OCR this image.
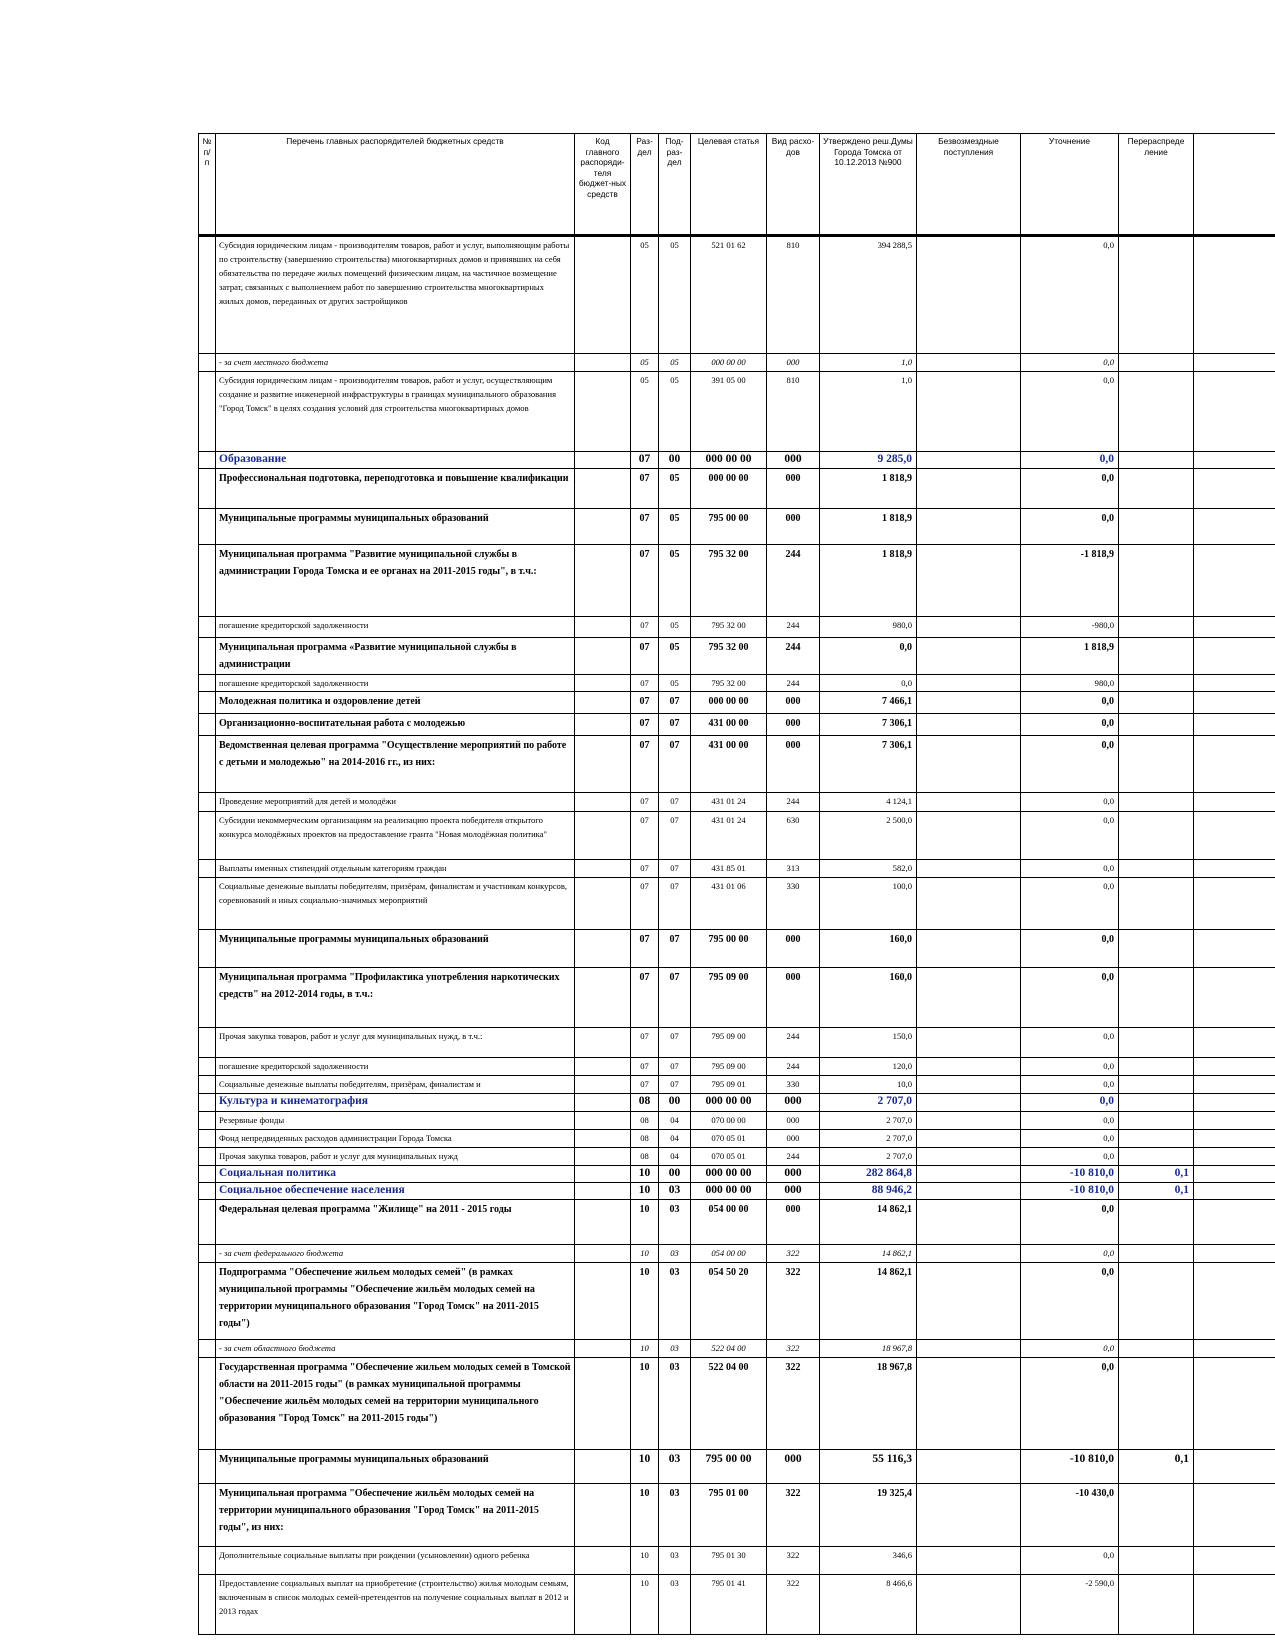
№ п/п	Перечень главных распорядителей бюджетных средств	Код главного распоряди-теля бюджет-ных средств	Раз-дел	Под-раз-дел	Целевая статья	Вид расхо-дов	Утверждено реш.Думы Города Томска от 10.12.2013 №900	Безвозмездные поступления	Уточнение	Перераспреде ление	
	Субсидия юридическим лицам - производителям товаров, работ и услуг, выполняющим работы по строительству (завершению строительства) многоквартирных домов и принявших на себя обязательства по передаче жилых помещений физическим лицам, на частичное возмещение затрат, связанных с выполнением работ по завершению строительства многоквартирных жилых домов, переданных от других застройщиков		05	05	521 01 62	810	394 288,5		0,0		
	- за счет местного бюджета		05	05	000 00 00	000	1,0		0,0		
	Субсидия юридическим лицам - производителям товаров, работ и услуг, осуществляющим создание и развитие инженерной инфраструктуры в границах муниципального образования "Город Томск" в целях создания условий для строительства многоквартирных домов		05	05	391 05 00	810	1,0		0,0		
	Образование		07	00	000 00 00	000	9 285,0		0,0		
	Профессиональная подготовка, переподготовка и повышение квалификации		07	05	000 00 00	000	1 818,9		0,0		
	Муниципальные программы муниципальных образований		07	05	795 00 00	000	1 818,9		0,0		
	Муниципальная программа "Развитие муниципальной службы в администрации Города Томска и ее органах на 2011-2015 годы", в т.ч.:		07	05	795 32 00	244	1 818,9		-1 818,9		
	погашение кредиторской задолженности		07	05	795 32 00	244	980,0		-980,0		
	Муниципальная программа «Развитие муниципальной службы в администрации		07	05	795 32 00	244	0,0		1 818,9		
	погашение кредиторской задолженности		07	05	795 32 00	244	0,0		980,0		
	Молодежная политика и оздоровление детей		07	07	000 00 00	000	7 466,1		0,0		
	Организационно-воспитательная работа с молодежью		07	07	431 00 00	000	7 306,1		0,0		
	Ведомственная целевая программа "Осуществление мероприятий по работе с детьми и молодежью" на 2014-2016 гг., из них:		07	07	431 00 00	000	7 306,1		0,0		
	Проведение мероприятий для детей и молодёжи		07	07	431 01 24	244	4 124,1		0,0		
	Субсидии некоммерческим организациям на реализацию проекта победителя открытого конкурса молодёжных проектов на предоставление гранта "Новая молодёжная политика"		07	07	431 01 24	630	2 500,0		0,0		
	Выплаты именных стипендий отдельным категориям граждан		07	07	431 85 01	313	582,0		0,0		
	Социальные денежные выплаты победителям, призёрам, финалистам и участникам конкурсов, соревнований и иных социально-значимых мероприятий		07	07	431 01 06	330	100,0		0,0		
	Муниципальные программы муниципальных образований		07	07	795 00 00	000	160,0		0,0		
	Муниципальная программа "Профилактика употребления наркотических средств" на 2012-2014 годы, в т.ч.:		07	07	795 09 00	000	160,0		0,0		
	Прочая закупка товаров, работ и услуг для муниципальных нужд, в т.ч.:		07	07	795 09 00	244	150,0		0,0		
	погашение кредиторской задолженности		07	07	795 09 00	244	120,0		0,0		
	Социальные денежные выплаты победителям, призёрам, финалистам и		07	07	795 09 01	330	10,0		0,0		
	Культура и кинематография		08	00	000 00 00	000	2 707,0		0,0		
	Резервные фонды		08	04	070 00 00	000	2 707,0		0,0		
	Фонд непредвиденных расходов администрации Города Томска		08	04	070 05 01	000	2 707,0		0,0		
	Прочая закупка товаров, работ и услуг для муниципальных нужд		08	04	070 05 01	244	2 707,0		0,0		
	Социальная политика		10	00	000 00 00	000	282 864,8		-10 810,0	0,1	
	Социальное обеспечение населения		10	03	000 00 00	000	88 946,2		-10 810,0	0,1	
	Федеральная целевая программа "Жилище" на 2011 - 2015 годы		10	03	054 00 00	000	14 862,1		0,0		
	- за счет федерального бюджета		10	03	054 00 00	322	14 862,1		0,0		
	Подпрограмма "Обеспечение жильем молодых семей" (в рамках муниципальной программы "Обеспечение жильём молодых семей на территории муниципального образования "Город Томск" на 2011-2015 годы")		10	03	054 50 20	322	14 862,1		0,0		
	- за счет областного бюджета		10	03	522 04 00	322	18 967,8		0,0		
	Государственная программа "Обеспечение жильем молодых семей в Томской области на 2011-2015 годы" (в рамках муниципальной программы "Обеспечение жильём молодых семей на территории муниципального образования "Город Томск" на 2011-2015 годы")		10	03	522 04 00	322	18 967,8		0,0		
	Муниципальные программы муниципальных образований		10	03	795 00 00	000	55 116,3		-10 810,0	0,1	
	Муниципальная программа "Обеспечение жильём молодых семей на территории муниципального образования "Город Томск" на 2011-2015 годы", из них:		10	03	795 01 00	322	19 325,4		-10 430,0		
	Дополнительные социальные выплаты при рождении (усыновлении) одного ребенка		10	03	795 01 30	322	346,6		0,0		
	Предоставление социальных выплат на приобретение (строительство) жилья молодым семьям, включенным в список молодых семей-претендентов на получение социальных выплат в 2012 и 2013 годах		10	03	795 01 41	322	8 466,6		-2 590,0		
